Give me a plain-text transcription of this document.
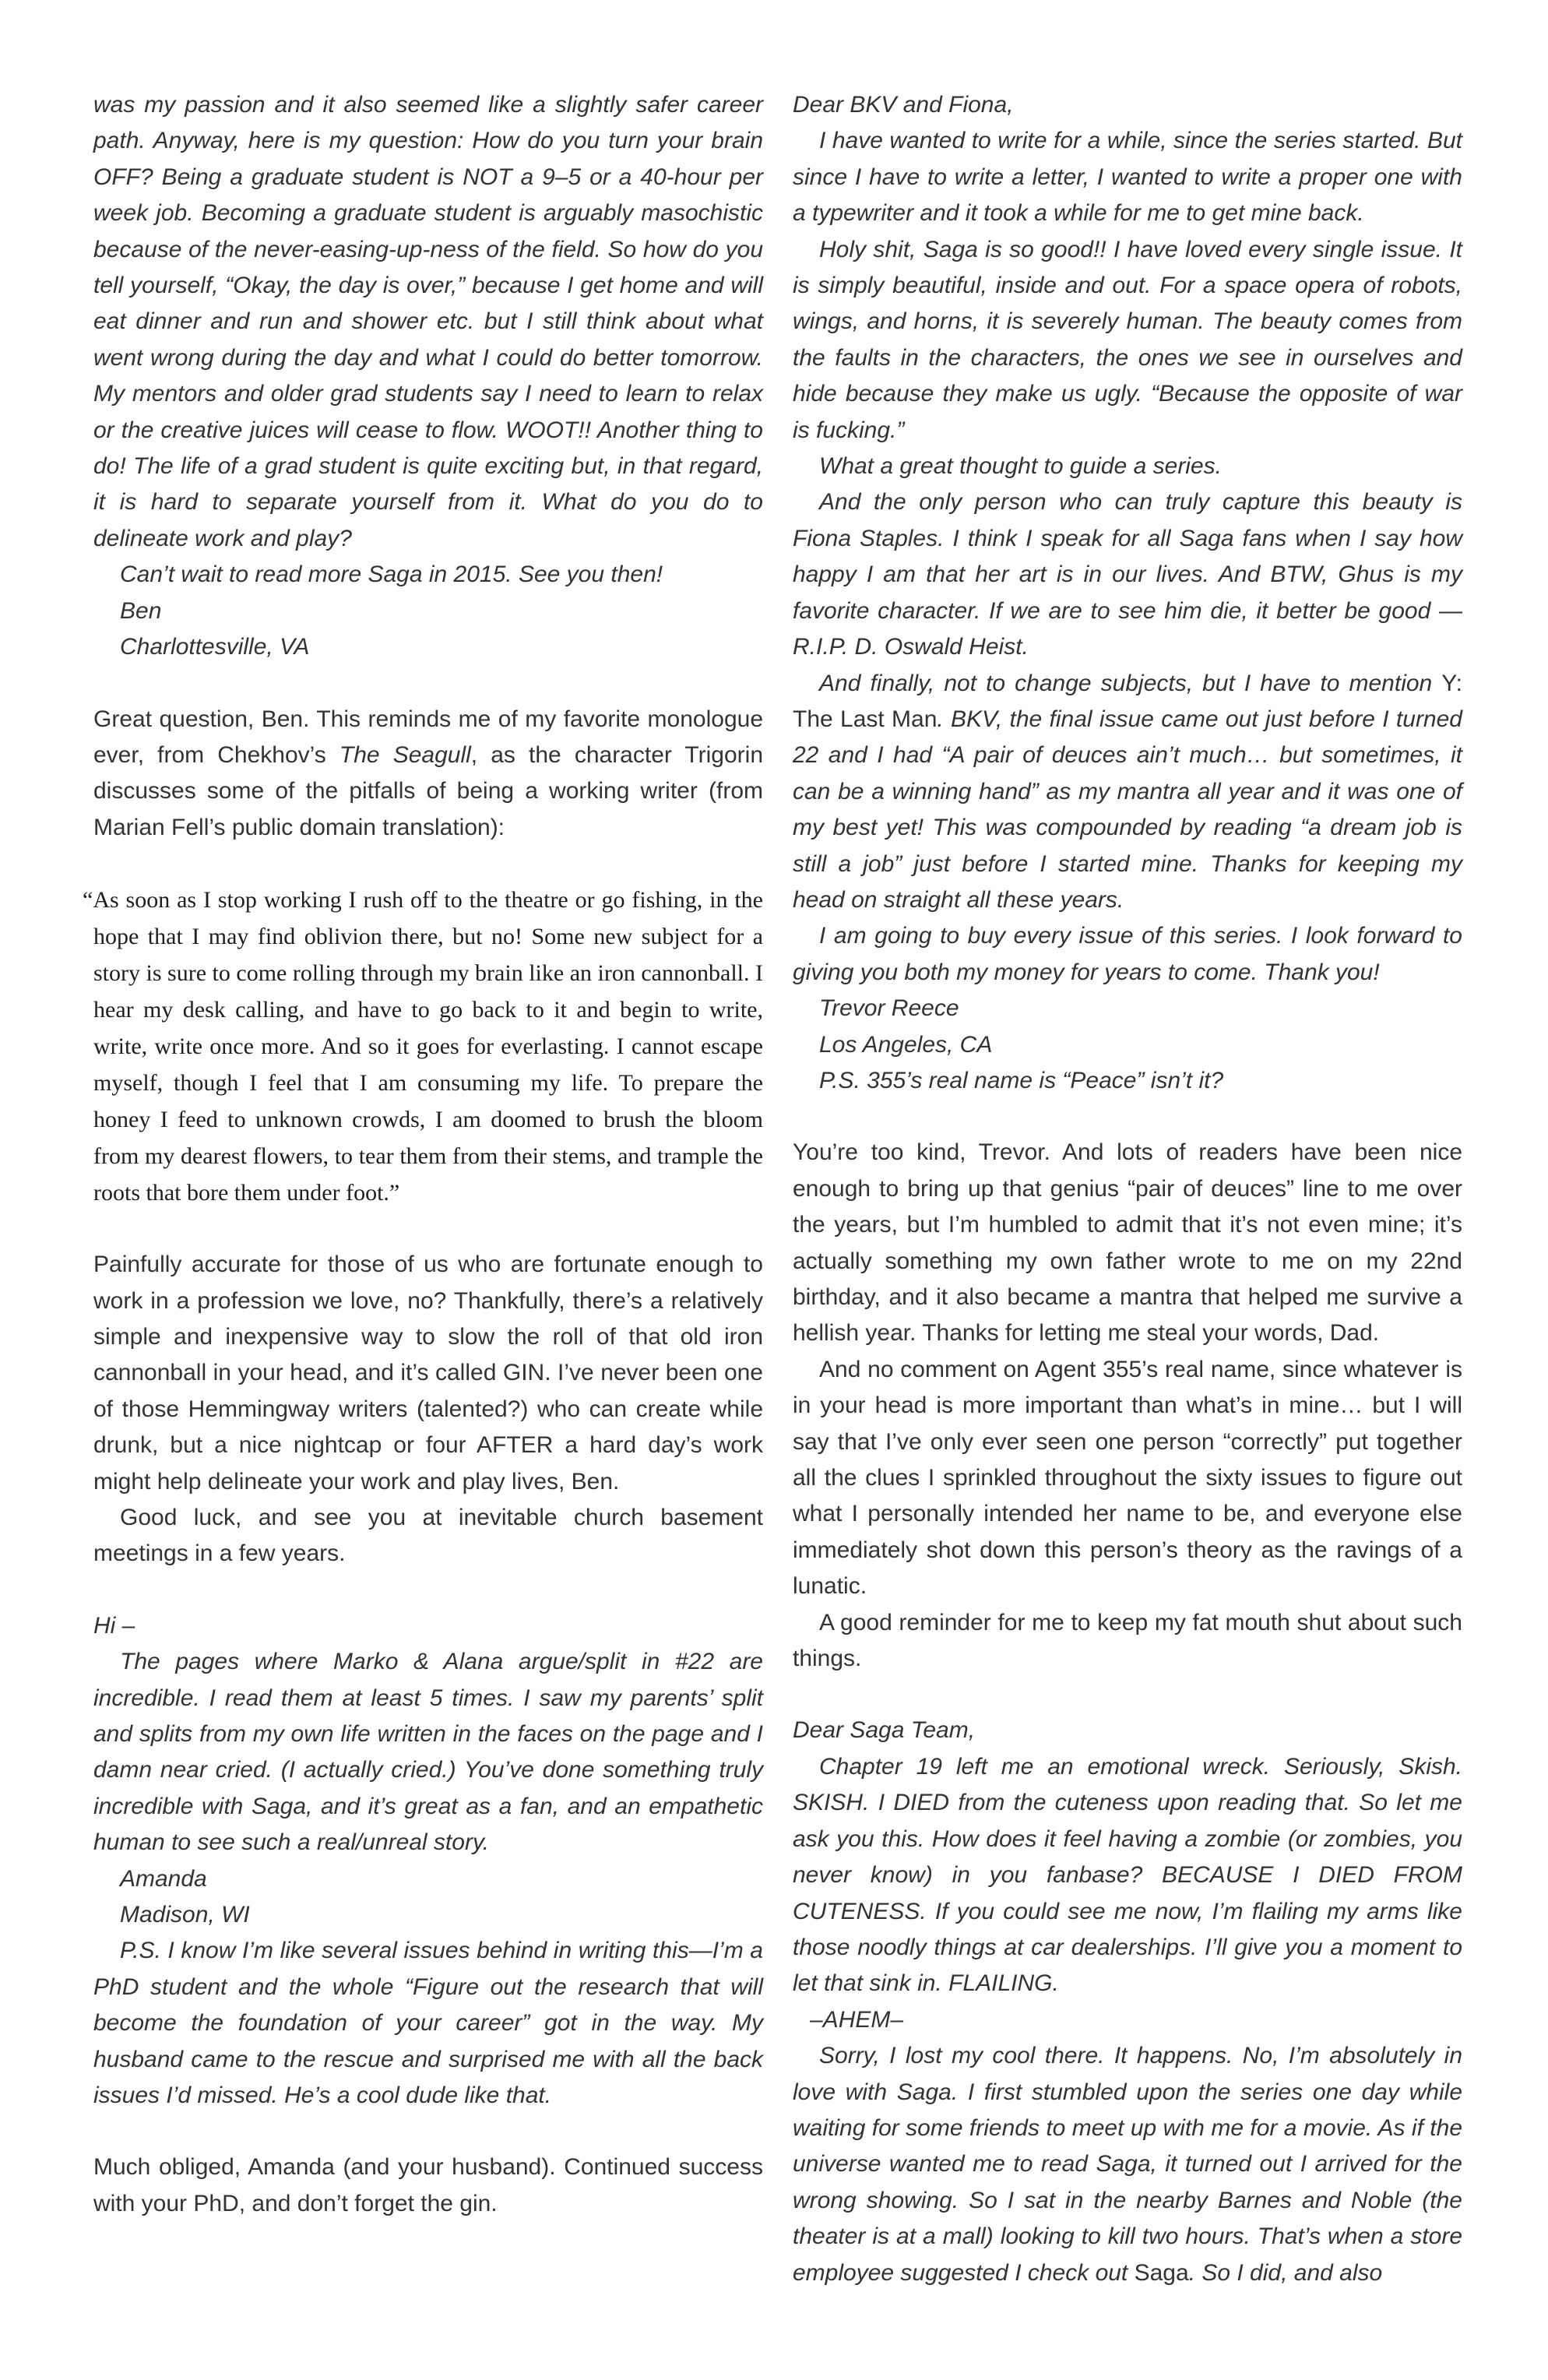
was my passion and it also seemed like a slightly safer career path. Anyway, here is my question: How do you turn your brain OFF? Being a graduate student is NOT a 9–5 or a 40-hour per week job. Becoming a graduate student is arguably masochistic because of the never-easing-up-ness of the field. So how do you tell yourself, “Okay, the day is over,” because I get home and will eat dinner and run and shower etc. but I still think about what went wrong during the day and what I could do better tomorrow. My mentors and older grad students say I need to learn to relax or the creative juices will cease to flow. WOOT!! Another thing to do! The life of a grad student is quite exciting but, in that regard, it is hard to separate yourself from it. What do you do to delineate work and play?

Can’t wait to read more Saga in 2015. See you then!

Ben

Charlottesville, VA

Great question, Ben. This reminds me of my favorite monologue ever, from Chekhov’s The Seagull, as the character Trigorin discusses some of the pitfalls of being a working writer (from Marian Fell’s public domain translation):

“As soon as I stop working I rush off to the theatre or go fishing, in the hope that I may find oblivion there, but no! Some new subject for a story is sure to come rolling through my brain like an iron cannonball. I hear my desk calling, and have to go back to it and begin to write, write, write once more. And so it goes for everlasting. I cannot escape myself, though I feel that I am consuming my life. To prepare the honey I feed to unknown crowds, I am doomed to brush the bloom from my dearest flowers, to tear them from their stems, and trample the roots that bore them under foot.”

Painfully accurate for those of us who are fortunate enough to work in a profession we love, no? Thankfully, there’s a relatively simple and inexpensive way to slow the roll of that old iron cannonball in your head, and it’s called GIN. I’ve never been one of those Hemmingway writers (talented?) who can create while drunk, but a nice nightcap or four AFTER a hard day’s work might help delineate your work and play lives, Ben.

Good luck, and see you at inevitable church basement meetings in a few years.

Hi –

The pages where Marko & Alana argue/split in #22 are incredible. I read them at least 5 times. I saw my parents’ split and splits from my own life written in the faces on the page and I damn near cried. (I actually cried.) You’ve done something truly incredible with Saga, and it’s great as a fan, and an empathetic human to see such a real/unreal story.

Amanda

Madison, WI

P.S. I know I’m like several issues behind in writing this—I’m a PhD student and the whole “Figure out the research that will become the foundation of your career” got in the way. My husband came to the rescue and surprised me with all the back issues I’d missed. He’s a cool dude like that.

Much obliged, Amanda (and your husband). Continued success with your PhD, and don’t forget the gin.

Dear BKV and Fiona,

I have wanted to write for a while, since the series started. But since I have to write a letter, I wanted to write a proper one with a typewriter and it took a while for me to get mine back.

Holy shit, Saga is so good!! I have loved every single issue. It is simply beautiful, inside and out. For a space opera of robots, wings, and horns, it is severely human. The beauty comes from the faults in the characters, the ones we see in ourselves and hide because they make us ugly. “Because the opposite of war is fucking.”

What a great thought to guide a series.

And the only person who can truly capture this beauty is Fiona Staples. I think I speak for all Saga fans when I say how happy I am that her art is in our lives. And BTW, Ghus is my favorite character. If we are to see him die, it better be good —R.I.P. D. Oswald Heist.

And finally, not to change subjects, but I have to mention Y: The Last Man. BKV, the final issue came out just before I turned 22 and I had “A pair of deuces ain’t much… but sometimes, it can be a winning hand” as my mantra all year and it was one of my best yet! This was compounded by reading “a dream job is still a job” just before I started mine. Thanks for keeping my head on straight all these years.

I am going to buy every issue of this series. I look forward to giving you both my money for years to come. Thank you!

Trevor Reece

Los Angeles, CA

P.S. 355’s real name is “Peace” isn’t it?

You’re too kind, Trevor. And lots of readers have been nice enough to bring up that genius “pair of deuces” line to me over the years, but I’m humbled to admit that it’s not even mine; it’s actually something my own father wrote to me on my 22nd birthday, and it also became a mantra that helped me survive a hellish year. Thanks for letting me steal your words, Dad.

And no comment on Agent 355’s real name, since whatever is in your head is more important than what’s in mine… but I will say that I’ve only ever seen one person “correctly” put together all the clues I sprinkled throughout the sixty issues to figure out what I personally intended her name to be, and everyone else immediately shot down this person’s theory as the ravings of a lunatic.

A good reminder for me to keep my fat mouth shut about such things.

Dear Saga Team,

Chapter 19 left me an emotional wreck. Seriously, Skish. SKISH. I DIED from the cuteness upon reading that. So let me ask you this. How does it feel having a zombie (or zombies, you never know) in you fanbase? BECAUSE I DIED FROM CUTENESS. If you could see me now, I’m flailing my arms like those noodly things at car dealerships. I’ll give you a moment to let that sink in. FLAILING.

–AHEM–

Sorry, I lost my cool there. It happens. No, I’m absolutely in love with Saga. I first stumbled upon the series one day while waiting for some friends to meet up with me for a movie. As if the universe wanted me to read Saga, it turned out I arrived for the wrong showing. So I sat in the nearby Barnes and Noble (the theater is at a mall) looking to kill two hours. That’s when a store employee suggested I check out Saga. So I did, and also
